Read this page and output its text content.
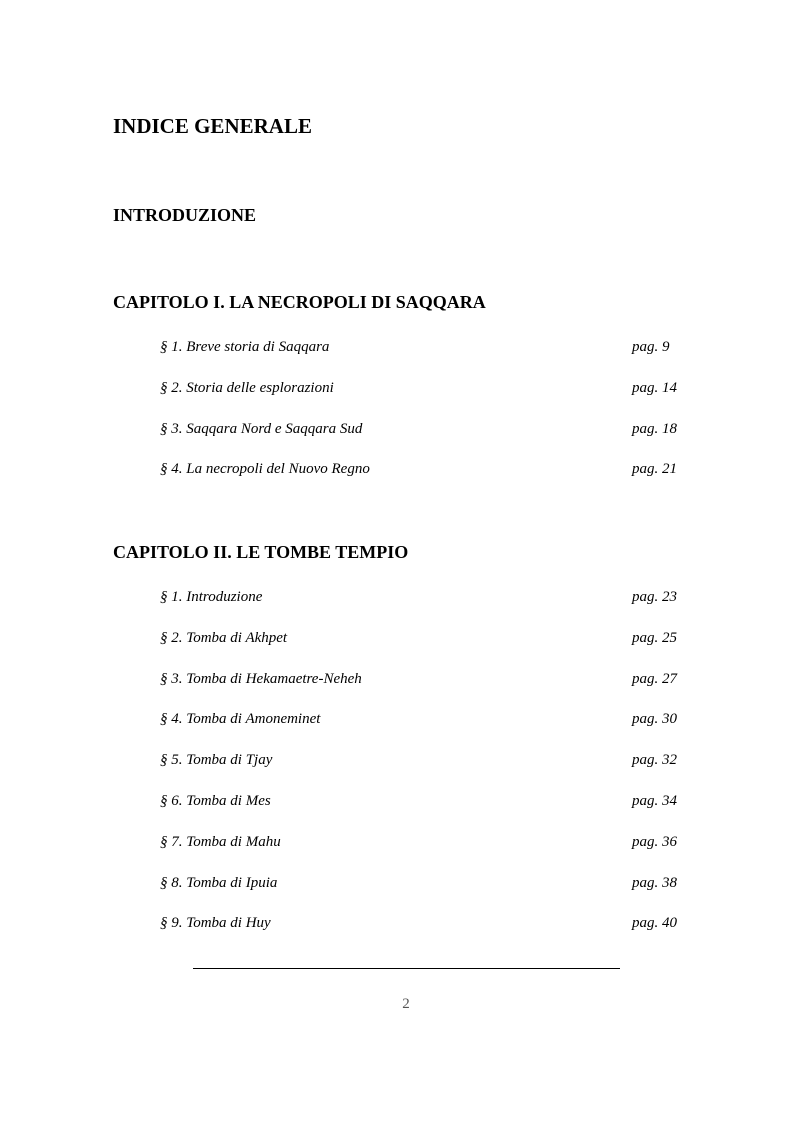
INDICE GENERALE
INTRODUZIONE
CAPITOLO I. LA NECROPOLI DI SAQQARA
§ 1. Breve storia di Saqqara	pag. 9
§ 2. Storia delle esplorazioni	pag. 14
§ 3. Saqqara Nord e Saqqara Sud	pag. 18
§ 4. La necropoli del Nuovo Regno	pag. 21
CAPITOLO II. LE TOMBE TEMPIO
§ 1. Introduzione	pag. 23
§ 2. Tomba di Akhpet	pag. 25
§ 3. Tomba di Hekamaetre-Neheh	pag. 27
§ 4. Tomba di Amoneminet	pag. 30
§ 5. Tomba di Tjay	pag. 32
§ 6. Tomba di Mes	pag. 34
§ 7. Tomba di Mahu	pag. 36
§ 8. Tomba di Ipuia	pag. 38
§ 9. Tomba di Huy	pag. 40
2
